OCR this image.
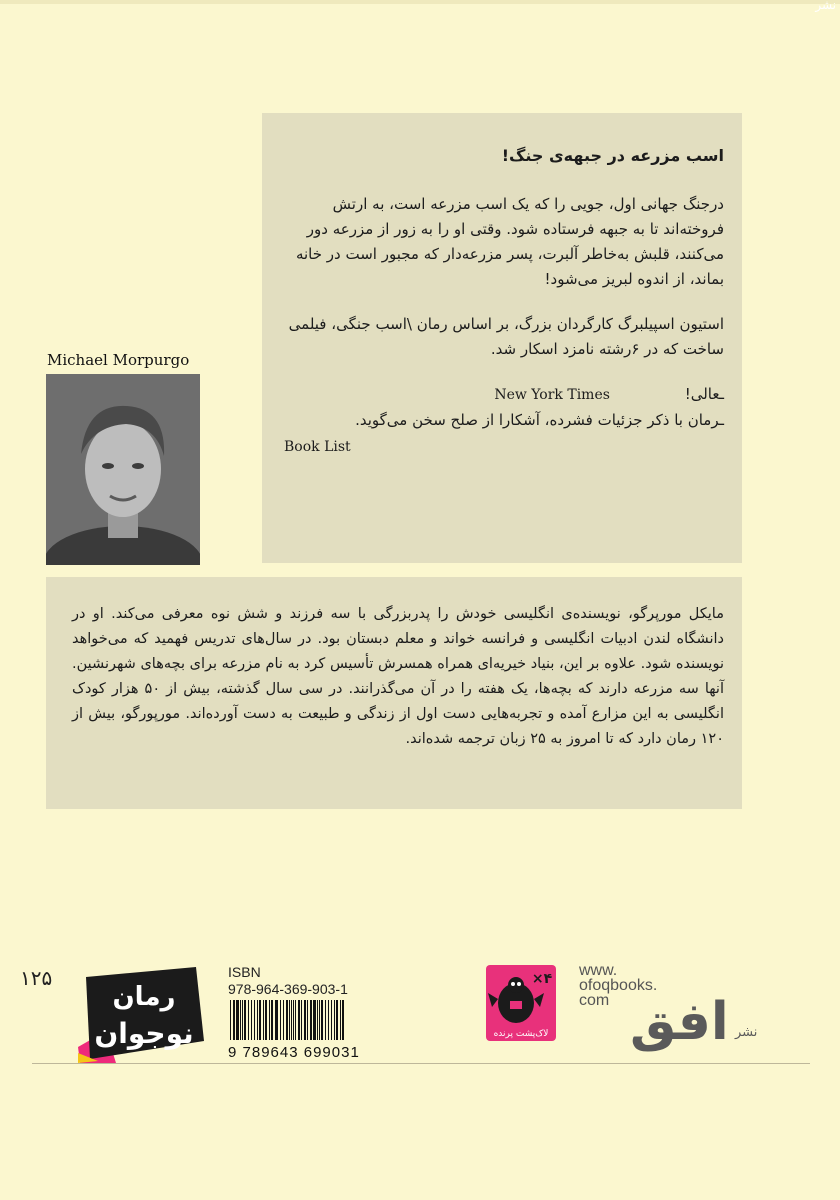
نشر
اسب مزرعه در جبهه‌ی جنگ!

درجنگ جهانی اول، جویی را که یک اسب مزرعه است، به ارتش فروخته‌اند تا به جبهه فرستاده شود. وقتی او را به زور از مزرعه دور می‌کنند، قلبش به‌خاطر آلبرت، پسر مزرعه‌دار که مجبور است در خانه بماند، از اندوه لبریز می‌شود!

استیون اسپیلبرگ کارگردان بزرگ، بر اساس رمان \اسب جنگی، فیلمی ساخت که در ۶رشته نامزد اسکار شد.

ـعالی! New York Times
ـرمان با ذکر جزئیات فشرده، آشکارا از صلح سخن می‌گوید.
Book List
Michael Morpurgo
مایکل مورپرگو، نویسنده‌ی انگلیسی خودش را پدربزرگی با سه فرزند و شش نوه معرفی می‌کند. او در دانشگاه لندن ادبیات انگلیسی و فرانسه خواند و معلم دبستان بود. در سال‌های تدریس فهمید که می‌خواهد نویسنده شود. علاوه بر این، بنیاد خیریه‌ای همراه همسرش تأسیس کرد به نام مزرعه برای بچه‌های شهرنشین. آنها سه مزرعه دارند که بچه‌ها، یک هفته را در آن می‌گذرانند. در سی سال گذشته، بیش از ۵۰ هزار کودک انگلیسی به این مزارع آمده و تجربه‌هایی دست اول از زندگی و طبیعت به دست آورده‌اند. مورپورگو، بیش از ۱۲۰ رمان دارد که تا امروز به ۲۵ زبان ترجمه شده‌اند.
۱۲۵
رمان
نوجوان
ISBN
978-964-369-903-1
9 789643 699031
×۴
لاک‌پشت پرنده
www.
ofoqbooks.
com افق نشر
